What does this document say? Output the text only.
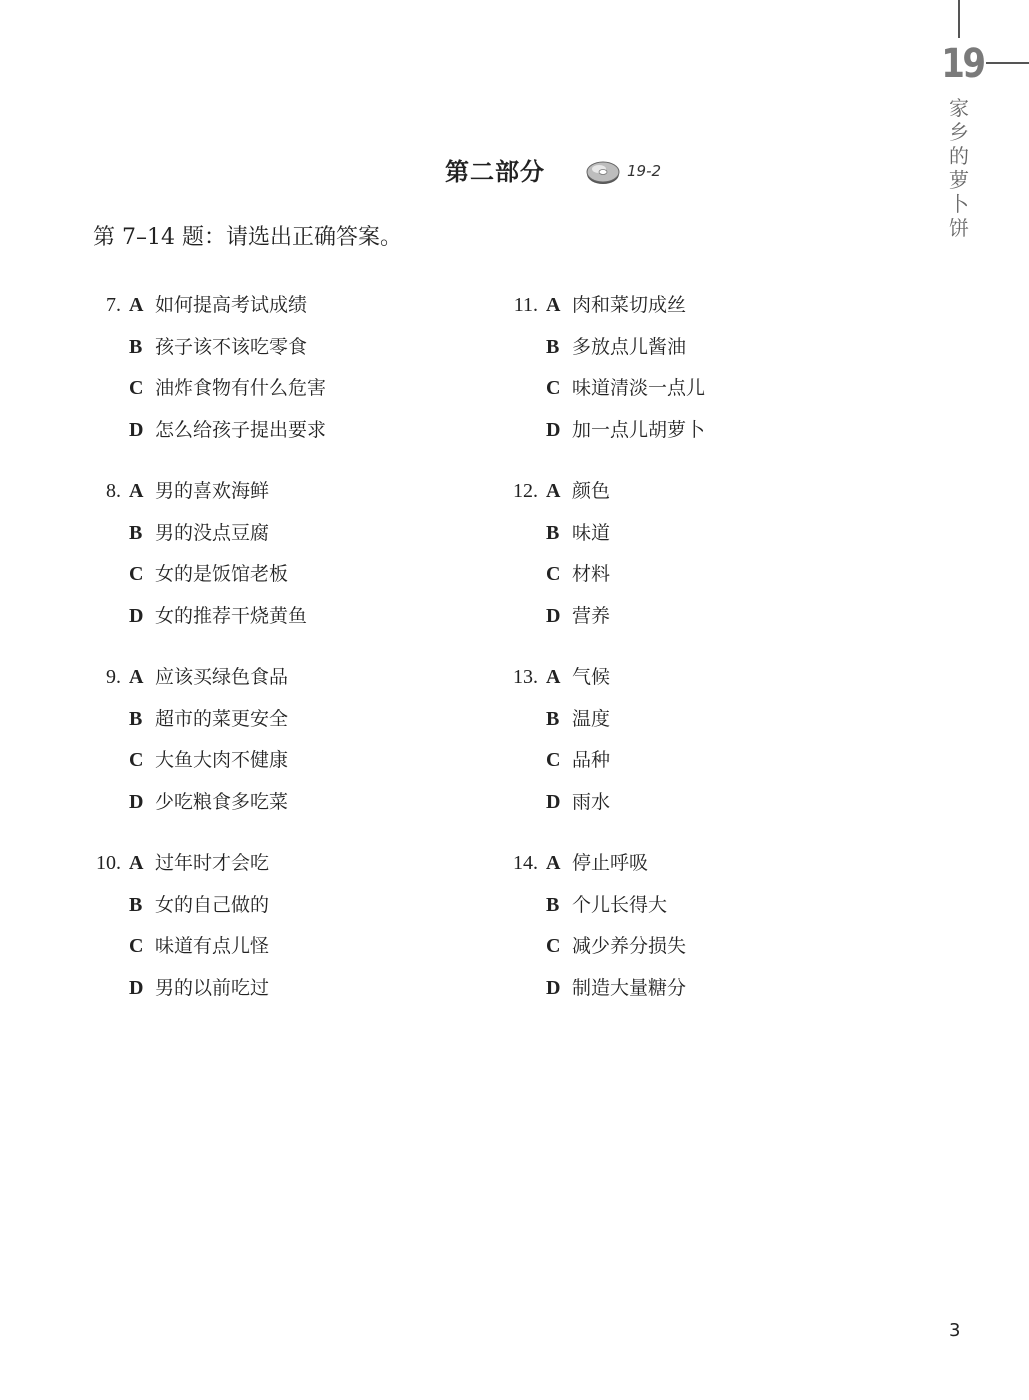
19
家乡的萝卜饼
第二部分	19-2
第 7–14 题：请选出正确答案。
7. A 如何提高考试成绩
B 孩子该不该吃零食
C 油炸食物有什么危害
D 怎么给孩子提出要求
8. A 男的喜欢海鲜
B 男的没点豆腐
C 女的是饭馆老板
D 女的推荐干烧黄鱼
9. A 应该买绿色食品
B 超市的菜更安全
C 大鱼大肉不健康
D 少吃粮食多吃菜
10. A 过年时才会吃
B 女的自己做的
C 味道有点儿怪
D 男的以前吃过
11. A 肉和菜切成丝
B 多放点儿酱油
C 味道清淡一点儿
D 加一点儿胡萝卜
12. A 颜色
B 味道
C 材料
D 营养
13. A 气候
B 温度
C 品种
D 雨水
14. A 停止呼吸
B 个儿长得大
C 减少养分损失
D 制造大量糖分
3
